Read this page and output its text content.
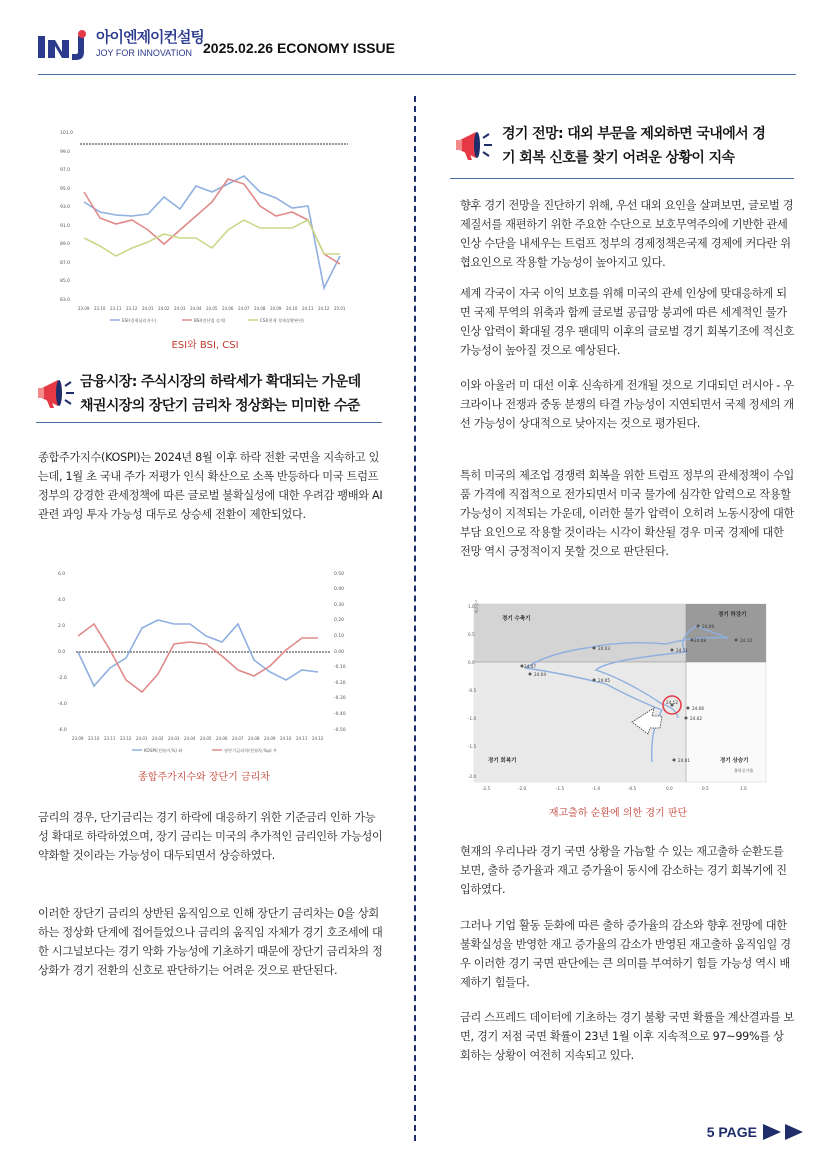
아이엔제이컨설팅
JOY FOR INNOVATION 2025.02.26 ECONOMY ISSUE
101.0
99.0
97.0
95.0
93.0
91.0
89.0
87.0
85.0
83.0
23.09 23.10 23.11 23.12 24.01 24.02 24.03 24.04 24.05 24.06 24.07 24.08 24.09 24.10 24.11 24.12 25.01
ESI(경제심리지수)	BSI(전산업 실적)	CSI(현재 경제상황판단)
ESI와 BSI, CSI
금융시장: 주식시장의 하락세가 확대되는 가운데
채권시장의 장단기 금리차 정상화는 미미한 수준
종합주가지수(KOSPI)는 2024년 8월 이후 하락 전환 국면을 지속하고 있는데, 1월 초 국내 주가 저평가 인식 확산으로 소폭 반등하다 미국 트럼프 정부의 강경한 관세정책에 따른 글로벌 불확실성에 대한 우려감 팽배와 AI 관련 과잉 투자 가능성 대두로 상승세 전환이 제한되었다.
6.0
4.0
2.0
0.0
-2.0
-4.0
-6.0
0.50
0.40
0.30
0.20
0.10
0.00
-0.10
-0.20
-0.30
-0.40
-0.50
23.09 23.10 23.11 23.12 24.01 24.02 24.03 24.04 24.05 24.06 24.07 24.08 24.09 24.10 24.11 24.12
KOSPI(전월비,%) 좌	장단기금리차(전월차,%p) 우
종합주가지수와 장단기 금리차
금리의 경우, 단기금리는 경기 하락에 대응하기 위한 기준금리 인하 가능성 확대로 하락하였으며, 장기 금리는 미국의 추가적인 금리인하 가능성이 약화할 것이라는 가능성이 대두되면서 상승하였다.
이러한 장단기 금리의 상반된 움직임으로 인해 장단기 금리차는 0을 상회하는 정상화 단계에 접어들었으나 금리의 움직임 자체가 경기 호조세에 대한 시그널보다는 경기 악화 가능성에 기초하기 때문에 장단기 금리차의 정상화가 경기 전환의 신호로 판단하기는 어려운 것으로 판단된다.
경기 전망: 대외 부문을 제외하면 국내에서 경
기 회복 신호를 찾기 어려운 상황이 지속
향후 경기 전망을 진단하기 위해, 우선 대외 요인을 살펴보면, 글로벌 경제질서를 재편하기 위한 주요한 수단으로 보호무역주의에 기반한 관세인상 수단을 내세우는 트럼프 정부의 경제정책은국제 경제에 커다란 위협요인으로 작용할 가능성이 높아지고 있다.
세계 각국이 자국 이익 보호를 위해 미국의 관세 인상에 맞대응하게 되면 국제 무역의 위축과 함께 글로벌 공급망 붕괴에 따른 세계적인 물가 인상 압력이 확대될 경우 팬데믹 이후의 글로벌 경기 회복기조에 적신호 가능성이 높아질 것으로 예상된다.
이와 아울러 미 대선 이후 신속하게 전개될 것으로 기대되던 러시아 - 우크라이나 전쟁과 중동 분쟁의 타결 가능성이 지연되면서 국제 정세의 개선 가능성이 상대적으로 낮아지는 것으로 평가된다.
특히 미국의 제조업 경쟁력 회복을 위한 트럼프 정부의 관세정책이 수입품 가격에 직접적으로 전가되면서 미국 물가에 심각한 압력으로 작용할 가능성이 지적되는 가운데, 이러한 물가 압력이 오히려 노동시장에 대한 부담 요인으로 작용할 것이라는 시각이 확산될 경우 미국 경제에 대한 전망 역시 긍정적이지 못할 것으로 판단된다.
경기 수축기
경기 하강기
경기 회복기	경기 상승기
재고증가율
출하증가율
24.09
24.08	24.10
24.11
24.03
24.07
24.04
24.05
24.06
24.02
24.01
24.12
-2.5	-2.0	-1.5	-1.0	-0.5	0.0	0.5	1.0
1.0
0.5
0.0
-0.5
-1.0
-1.5
-2.0
재고출하 순환에 의한 경기 판단
현재의 우리나라 경기 국면 상황을 가늠할 수 있는 재고출하 순환도를 보면, 출하 증가율과 재고 증가율이 동시에 감소하는 경기 회복기에 진입하였다.
그러나 기업 활동 둔화에 따른 출하 증가율의 감소와 향후 전망에 대한 불확실성을 반영한 재고 증가율의 감소가 반영된 재고출하 움직임일 경우 이러한 경기 국면 판단에는 큰 의미를 부여하기 힘들 가능성 역시 배제하기 힘들다.
금리 스프레드 데이터에 기초하는 경기 불황 국면 확률을 계산결과를 보면, 경기 저점 국면 확률이 23년 1월 이후 지속적으로 97~99%를 상회하는 상황이 여전히 지속되고 있다.
5 PAGE
